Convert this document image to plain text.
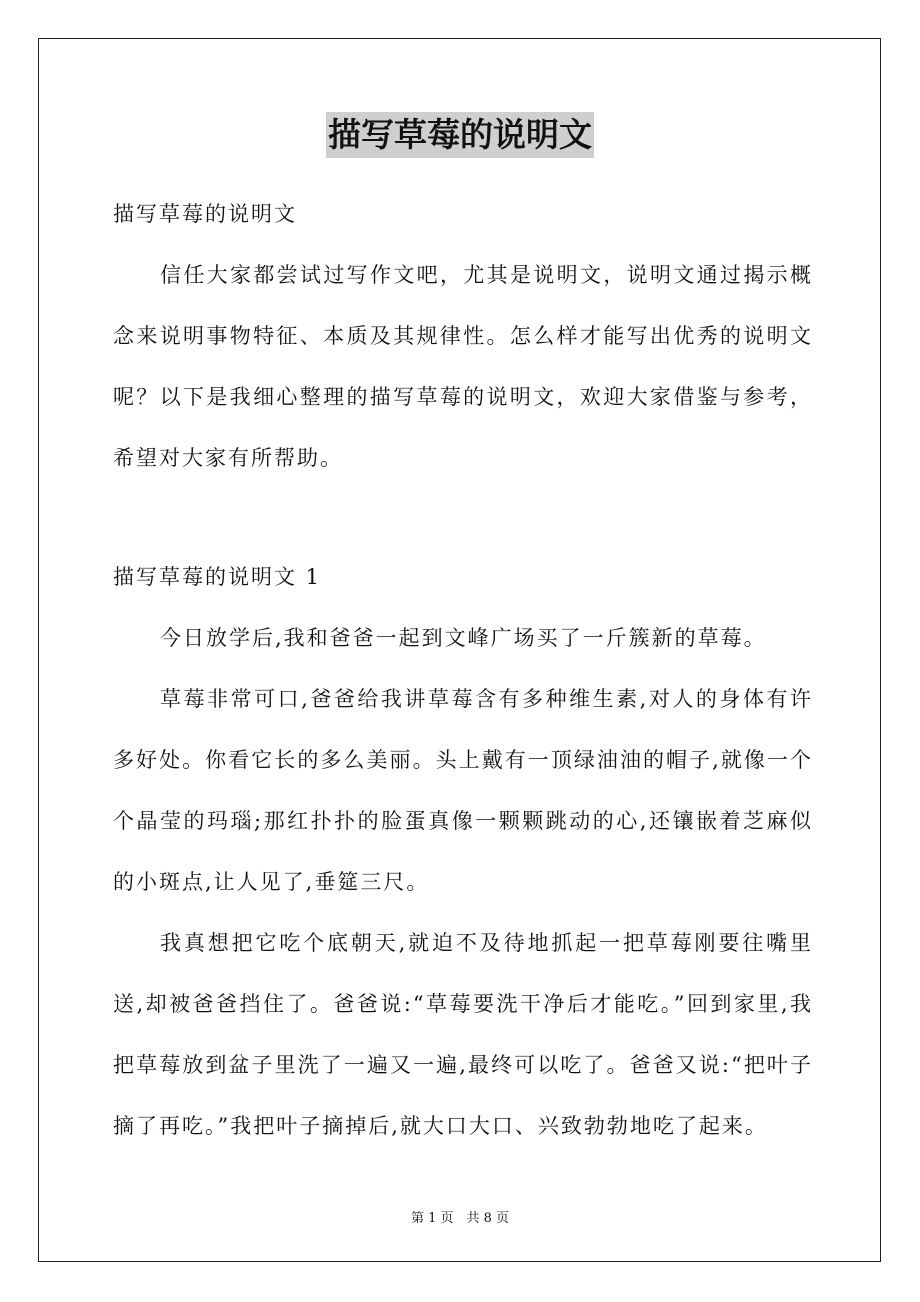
描写草莓的说明文

描写草莓的说明文

信任大家都尝试过写作文吧，尤其是说明文，说明文通过揭示概念来说明事物特征、本质及其规律性。怎么样才能写出优秀的说明文呢？以下是我细心整理的描写草莓的说明文，欢迎大家借鉴与参考，希望对大家有所帮助。

描写草莓的说明文 1

今日放学后,我和爸爸一起到文峰广场买了一斤簇新的草莓。

草莓非常可口,爸爸给我讲草莓含有多种维生素,对人的身体有许多好处。你看它长的多么美丽。头上戴有一顶绿油油的帽子,就像一个个晶莹的玛瑙;那红扑扑的脸蛋真像一颗颗跳动的心,还镶嵌着芝麻似的小斑点,让人见了,垂筵三尺。

我真想把它吃个底朝天,就迫不及待地抓起一把草莓刚要往嘴里送,却被爸爸挡住了。爸爸说:“草莓要洗干净后才能吃。”回到家里,我把草莓放到盆子里洗了一遍又一遍,最终可以吃了。爸爸又说:“把叶子摘了再吃。”我把叶子摘掉后,就大口大口、兴致勃勃地吃了起来。

第 1 页　共 8 页
